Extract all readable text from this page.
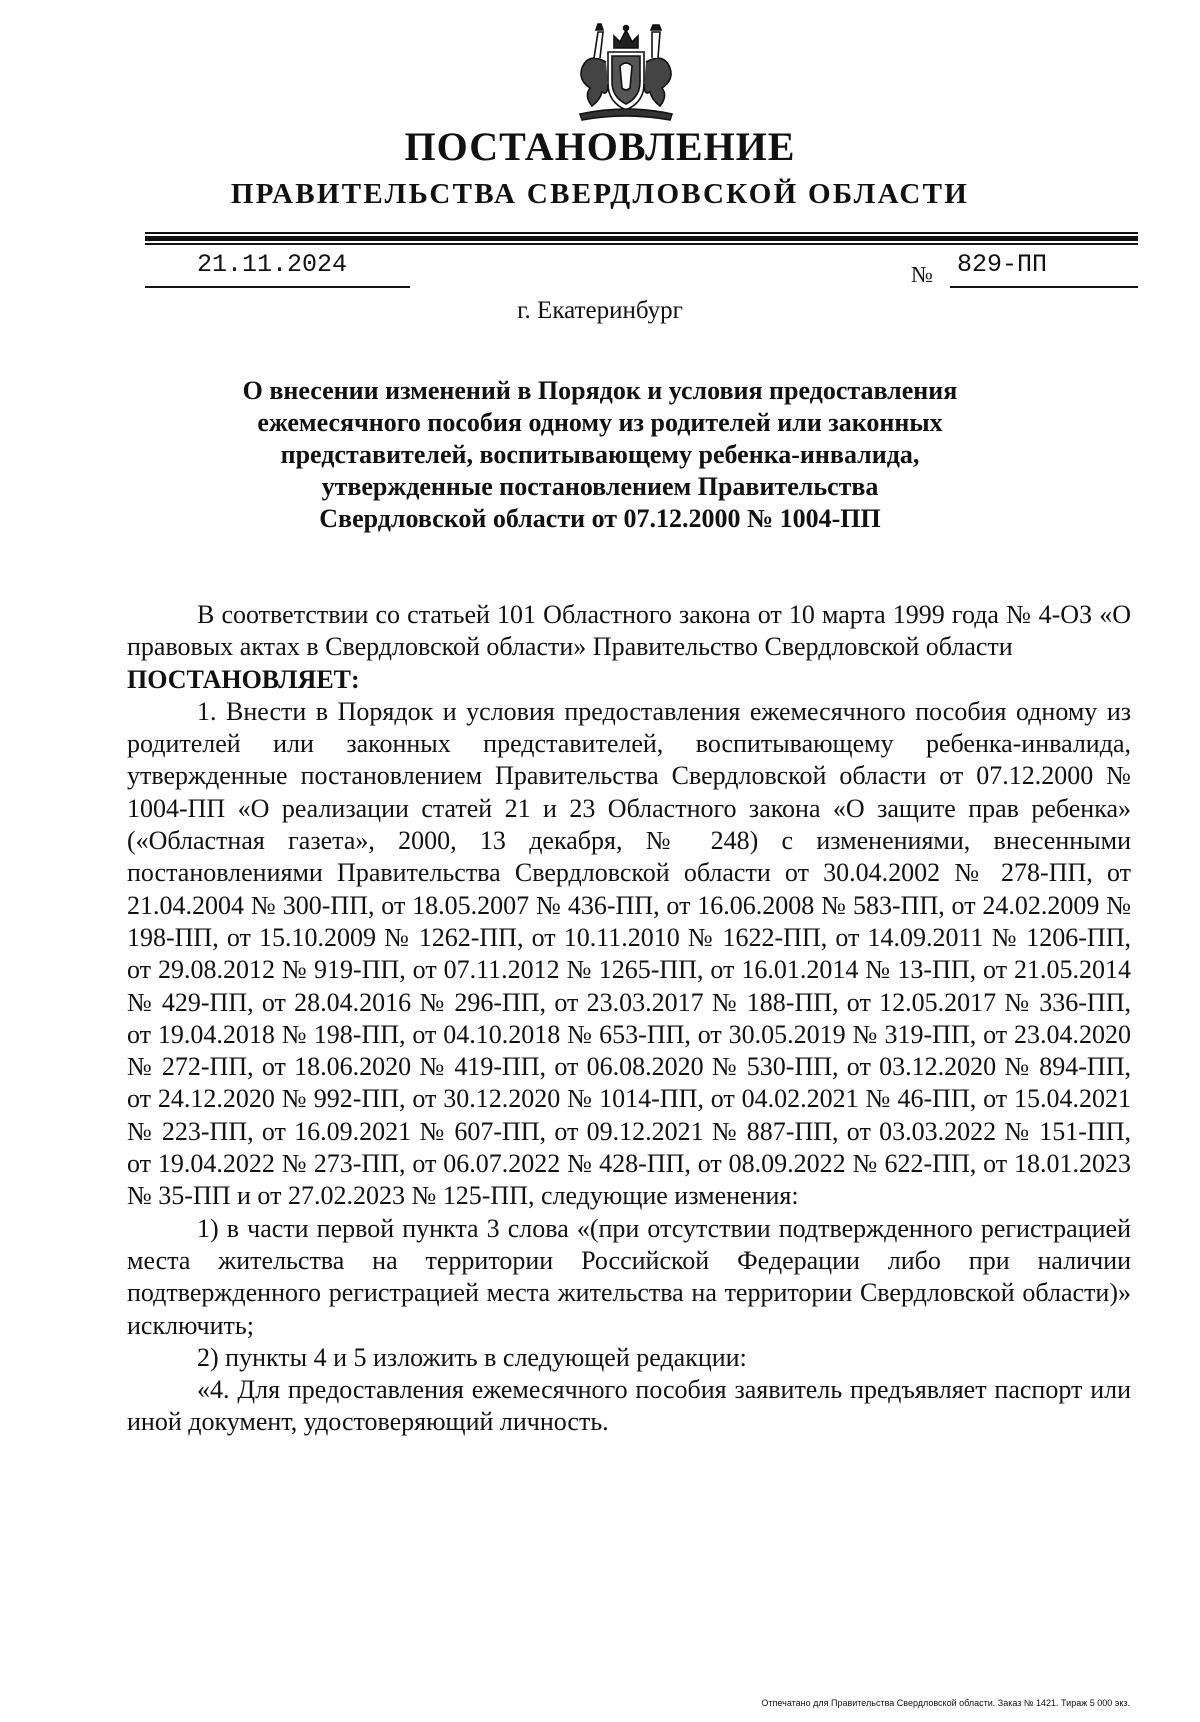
ПОСТАНОВЛЕНИЕ
ПРАВИТЕЛЬСТВА СВЕРДЛОВСКОЙ ОБЛАСТИ
21.11.2024	№ 829-ПП
г. Екатеринбург
О внесении изменений в Порядок и условия предоставления
ежемесячного пособия одному из родителей или законных
представителей, воспитывающему ребенка-инвалида,
утвержденные постановлением Правительства
Свердловской области от 07.12.2000 № 1004-ПП

В соответствии со статьей 101 Областного закона от 10 марта 1999 года № 4-ОЗ «О правовых актах в Свердловской области» Правительство Свердловской области

ПОСТАНОВЛЯЕТ:

1. Внести в Порядок и условия предоставления ежемесячного пособия одному из родителей или законных представителей, воспитывающему ребенка-инвалида, утвержденные постановлением Правительства Свердловской области от 07.12.2000 № 1004-ПП «О реализации статей 21 и 23 Областного закона «О защите прав ребенка» («Областная газета», 2000, 13 декабря, № 248) с изменениями, внесенными постановлениями Правительства Свердловской области от 30.04.2002 № 278-ПП, от 21.04.2004 № 300-ПП, от 18.05.2007 № 436-ПП, от 16.06.2008 № 583-ПП, от 24.02.2009 № 198-ПП, от 15.10.2009 № 1262-ПП, от 10.11.2010 № 1622-ПП, от 14.09.2011 № 1206-ПП, от 29.08.2012 № 919-ПП, от 07.11.2012 № 1265-ПП, от 16.01.2014 № 13-ПП, от 21.05.2014 № 429-ПП, от 28.04.2016 № 296-ПП, от 23.03.2017 № 188-ПП, от 12.05.2017 № 336-ПП, от 19.04.2018 № 198-ПП, от 04.10.2018 № 653-ПП, от 30.05.2019 № 319-ПП, от 23.04.2020 № 272-ПП, от 18.06.2020 № 419-ПП, от 06.08.2020 № 530-ПП, от 03.12.2020 № 894-ПП, от 24.12.2020 № 992-ПП, от 30.12.2020 № 1014-ПП, от 04.02.2021 № 46-ПП, от 15.04.2021 № 223-ПП, от 16.09.2021 № 607-ПП, от 09.12.2021 № 887-ПП, от 03.03.2022 № 151-ПП, от 19.04.2022 № 273-ПП, от 06.07.2022 № 428-ПП, от 08.09.2022 № 622-ПП, от 18.01.2023 № 35-ПП и от 27.02.2023 № 125-ПП, следующие изменения:

1) в части первой пункта 3 слова «(при отсутствии подтвержденного регистрацией места жительства на территории Российской Федерации либо при наличии подтвержденного регистрацией места жительства на территории Свердловской области)» исключить;

2) пункты 4 и 5 изложить в следующей редакции:

«4. Для предоставления ежемесячного пособия заявитель предъявляет паспорт или иной документ, удостоверяющий личность.

Отпечатано для Правительства Свердловской области. Заказ № 1421. Тираж 5 000 экз.
